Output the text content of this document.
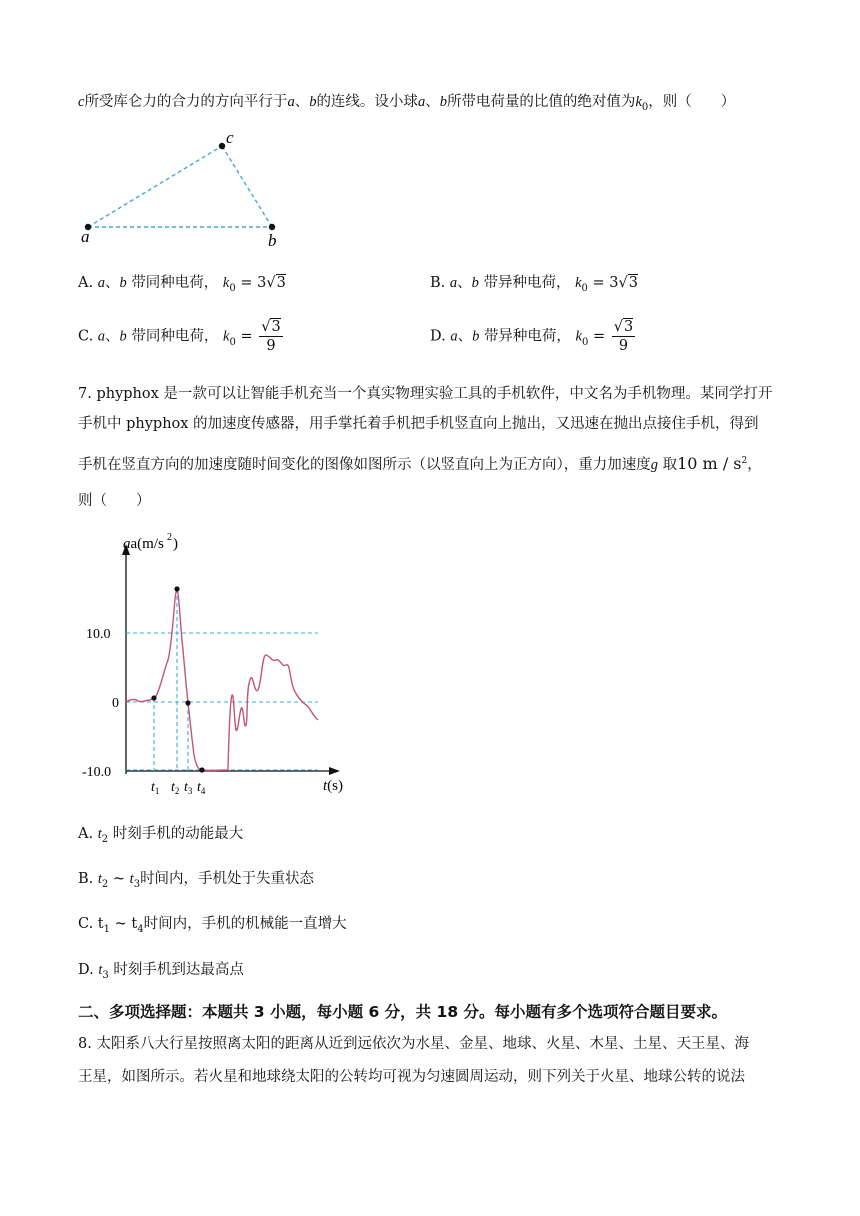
c所受库仑力的合力的方向平行于a、b的连线。设小球a、b所带电荷量的比值的绝对值为$k_0$，则（　　）
a	b
c
A. a、b 带同种电荷， $k_0 = 3√3$	B. a、b 带异种电荷， $k_0 = 3√3$
C. a、b 带同种电荷， $k_0 = \frac{√3}{9}$	D. a、b 带异种电荷， $k_0 = \frac{√3}{9}$
7. phyphox 是一款可以让智能手机充当一个真实物理实验工具的手机软件，中文名为手机物理。某同学打开
手机中 phyphox 的加速度传感器，用手掌托着手机把手机竖直向上抛出，又迅速在抛出点接住手机，得到
手机在竖直方向的加速度随时间变化的图像如图所示（以竖直向上为正方向），重力加速度g 取10 m / $s^2$，
则（　　）
aa(m/s 2 )
t(s)
10.0
0
-10.0
$t_1$ $t_2$ $t_3$ $t_4$
A. $t_2$ 时刻手机的动能最大
B. $t_2$ ~ $t_3$时间内，手机处于失重状态
C. $t_1$ ~ $t_4$时间内，手机的机械能一直增大
D. $t_3$ 时刻手机到达最高点
二、多项选择题：本题共 3 小题，每小题 6 分，共 18 分。每小题有多个选项符合题目要求。
8. 太阳系八大行星按照离太阳的距离从近到远依次为水星、金星、地球、火星、木星、土星、天王星、海
王星，如图所示。若火星和地球绕太阳的公转均可视为匀速圆周运动，则下列关于火星、地球公转的说法
